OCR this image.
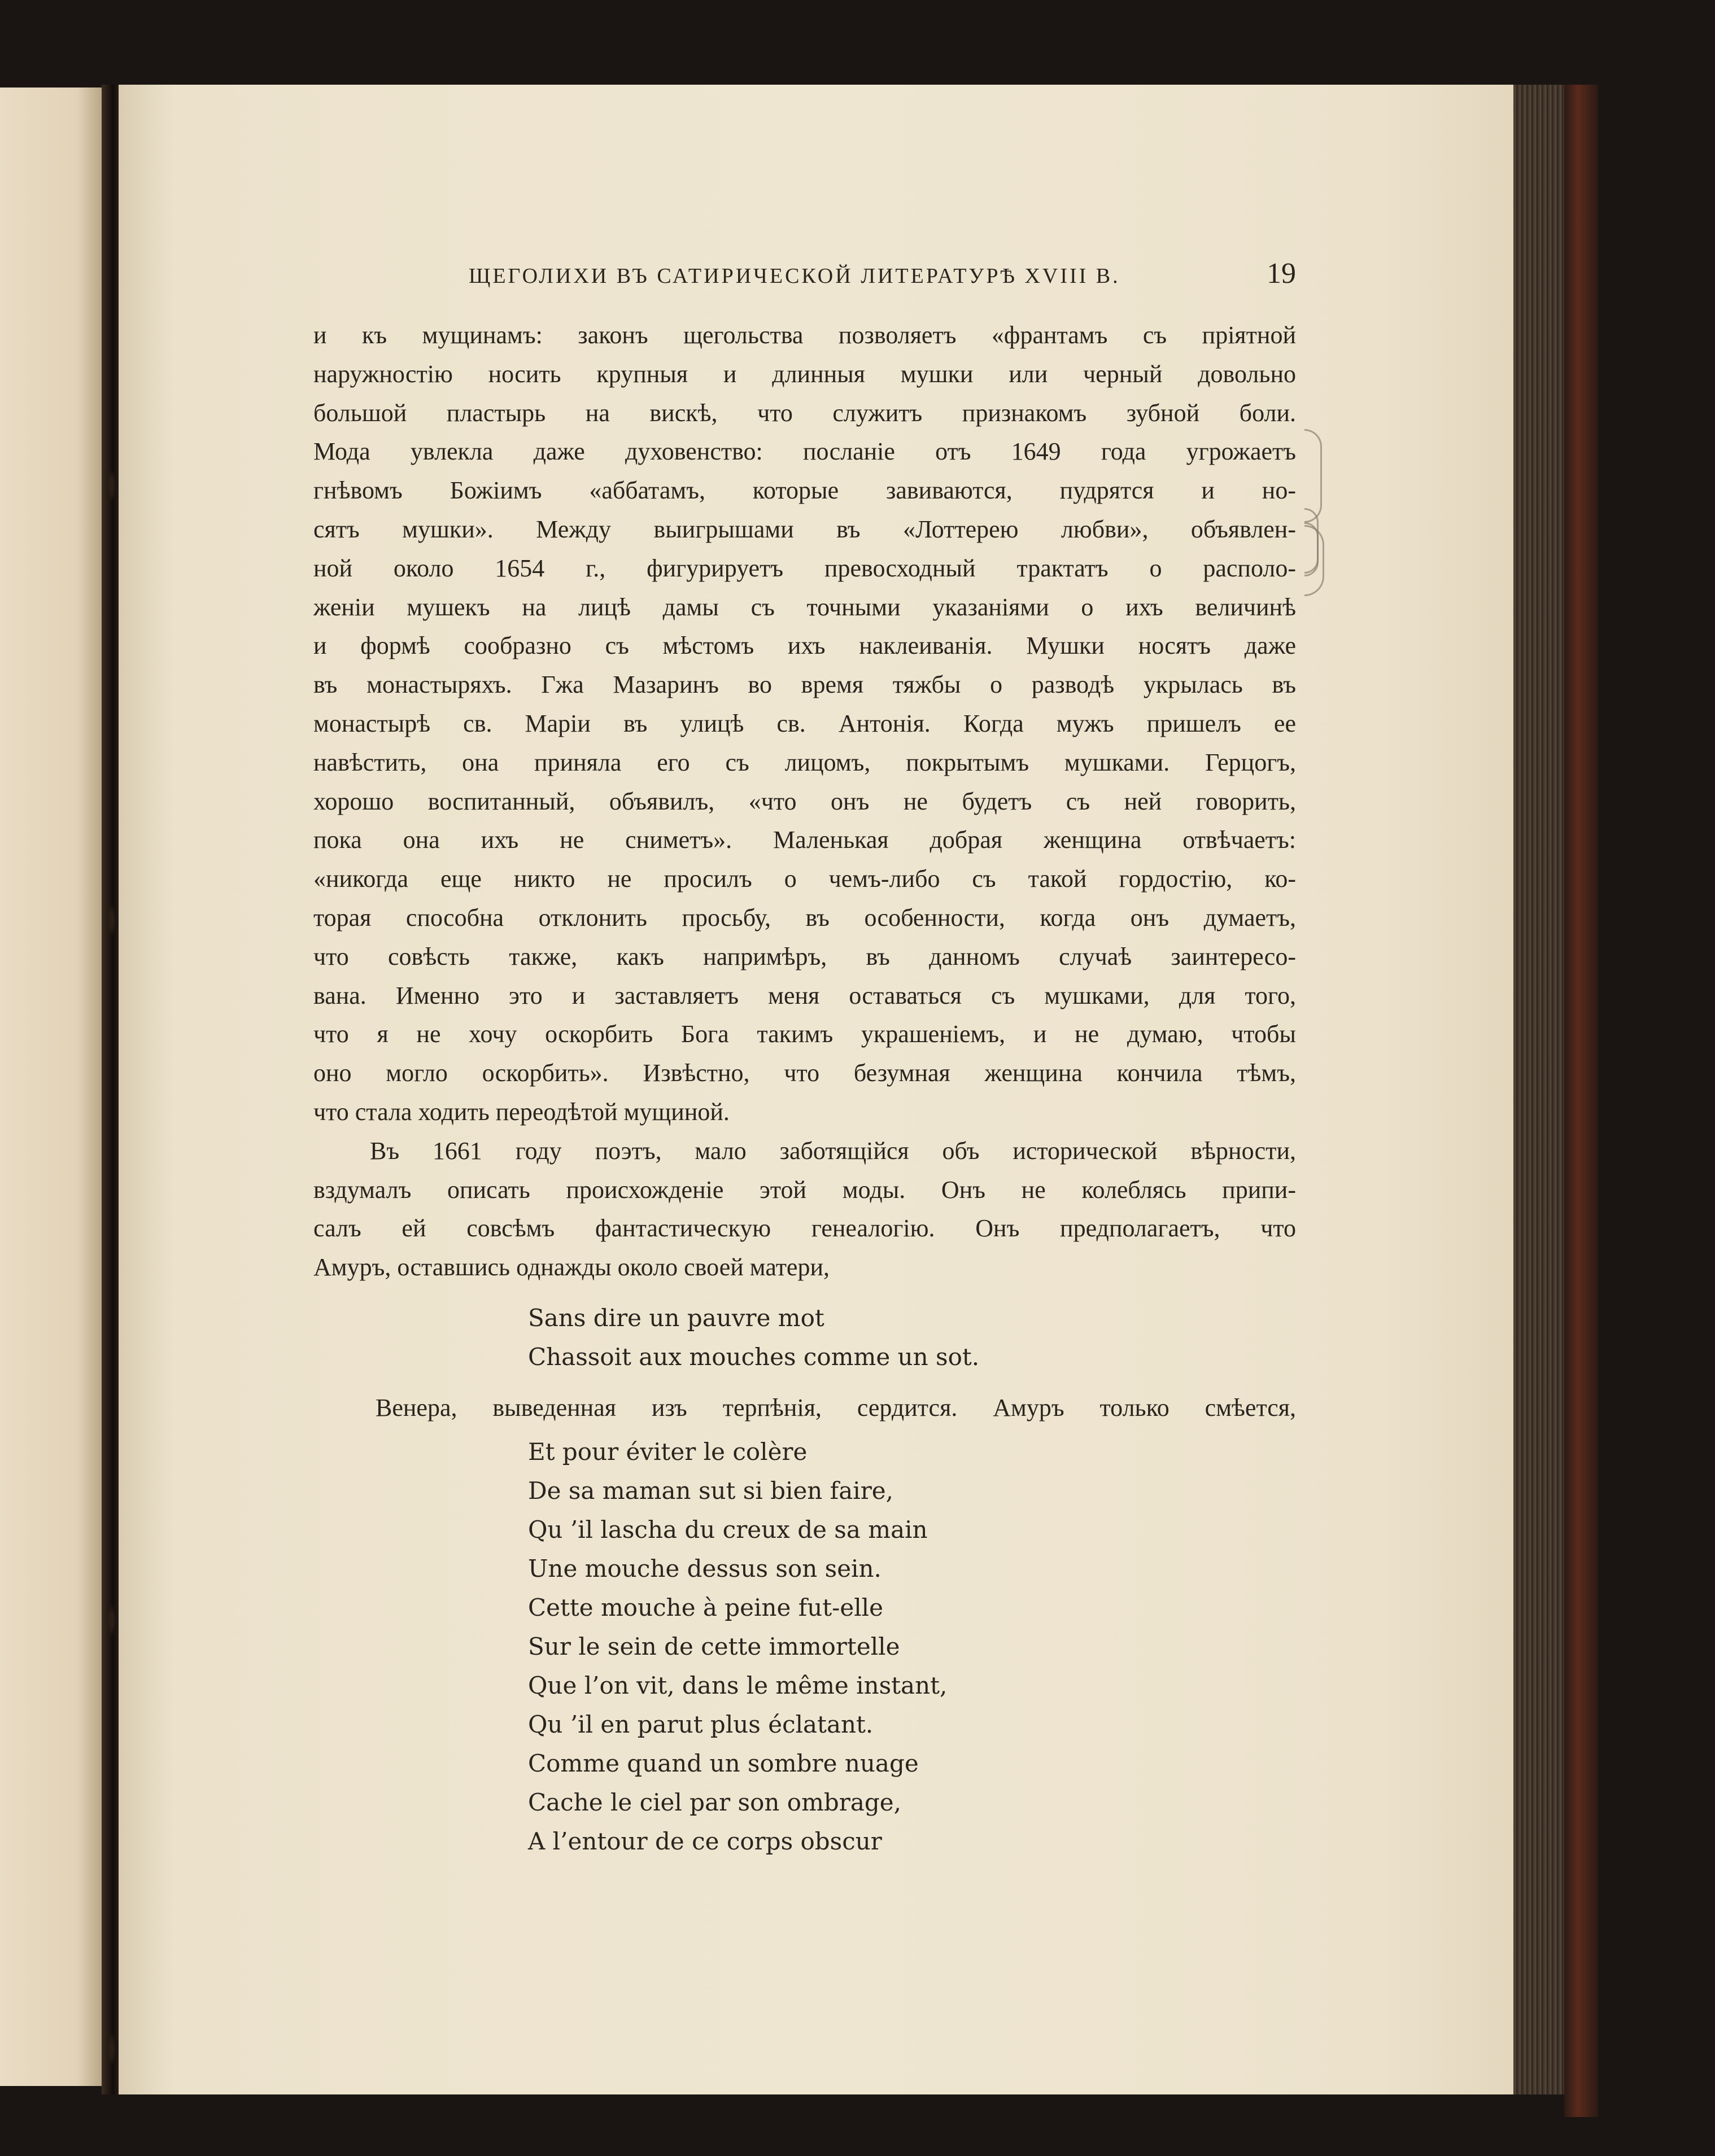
ЩЕГОЛИХИ ВЪ САТИРИЧЕСКОЙ ЛИТЕРАТУРѢ XVIII В.	19
и къ мущинамъ: законъ щегольства позволяетъ «франтамъ съ пріятной
наружностію носить крупныя и длинныя мушки или черный довольно
большой пластырь на вискѣ, что служитъ признакомъ зубной боли.
Мода увлекла даже духовенство: посланіе отъ 1649 года угрожаетъ
гнѣвомъ Божіимъ «аббатамъ, которые завиваются, пудрятся и но-
сятъ мушки». Между выигрышами въ «Лоттерею любви», объявлен-
ной около 1654 г., фигурируетъ превосходный трактатъ о располо-
женіи мушекъ на лицѣ дамы съ точными указаніями о ихъ величинѣ
и формѣ сообразно съ мѣстомъ ихъ наклеиванія. Мушки носятъ даже
въ монастыряхъ. Гжа Мазаринъ во время тяжбы о разводѣ укрылась въ
монастырѣ св. Маріи въ улицѣ св. Антонія. Когда мужъ пришелъ ее
навѣстить, она приняла его съ лицомъ, покрытымъ мушками. Герцогъ,
хорошо воспитанный, объявилъ, «что онъ не будетъ съ ней говорить,
пока она ихъ не сниметъ». Маленькая добрая женщина отвѣчаетъ:
«никогда еще никто не просилъ о чемъ-либо съ такой гордостію, ко-
торая способна отклонить просьбу, въ особенности, когда онъ думаетъ,
что совѣсть также, какъ напримѣръ, въ данномъ случаѣ заинтересо-
вана. Именно это и заставляетъ меня оставаться съ мушками, для того,
что я не хочу оскорбить Бога такимъ украшеніемъ, и не думаю, чтобы
оно могло оскорбить». Извѣстно, что безумная женщина кончила тѣмъ,
что стала ходить переодѣтой мущиной.
Въ 1661 году поэтъ, мало заботящійся объ исторической вѣрности,
вздумалъ описать происхожденіе этой моды. Онъ не колеблясь припи-
салъ ей совсѣмъ фантастическую генеалогію. Онъ предполагаетъ, что
Амуръ, оставшись однажды около своей матери,
Sans dire un pauvre mot
Chassoit aux mouches comme un sot.
Венера, выведенная изъ терпѣнія, сердится. Амуръ только смѣется,
Et pour éviter le colère
De sa maman sut si bien faire,
Qu ’il lascha du creux de sa main
Une mouche dessus son sein.
Cette mouche à peine fut-elle
Sur le sein de cette immortelle
Que l’on vit, dans le même instant,
Qu ’il en parut plus éclatant.
Comme quand un sombre nuage
Cache le ciel par son ombrage,
A l’entour de ce corps obscur
